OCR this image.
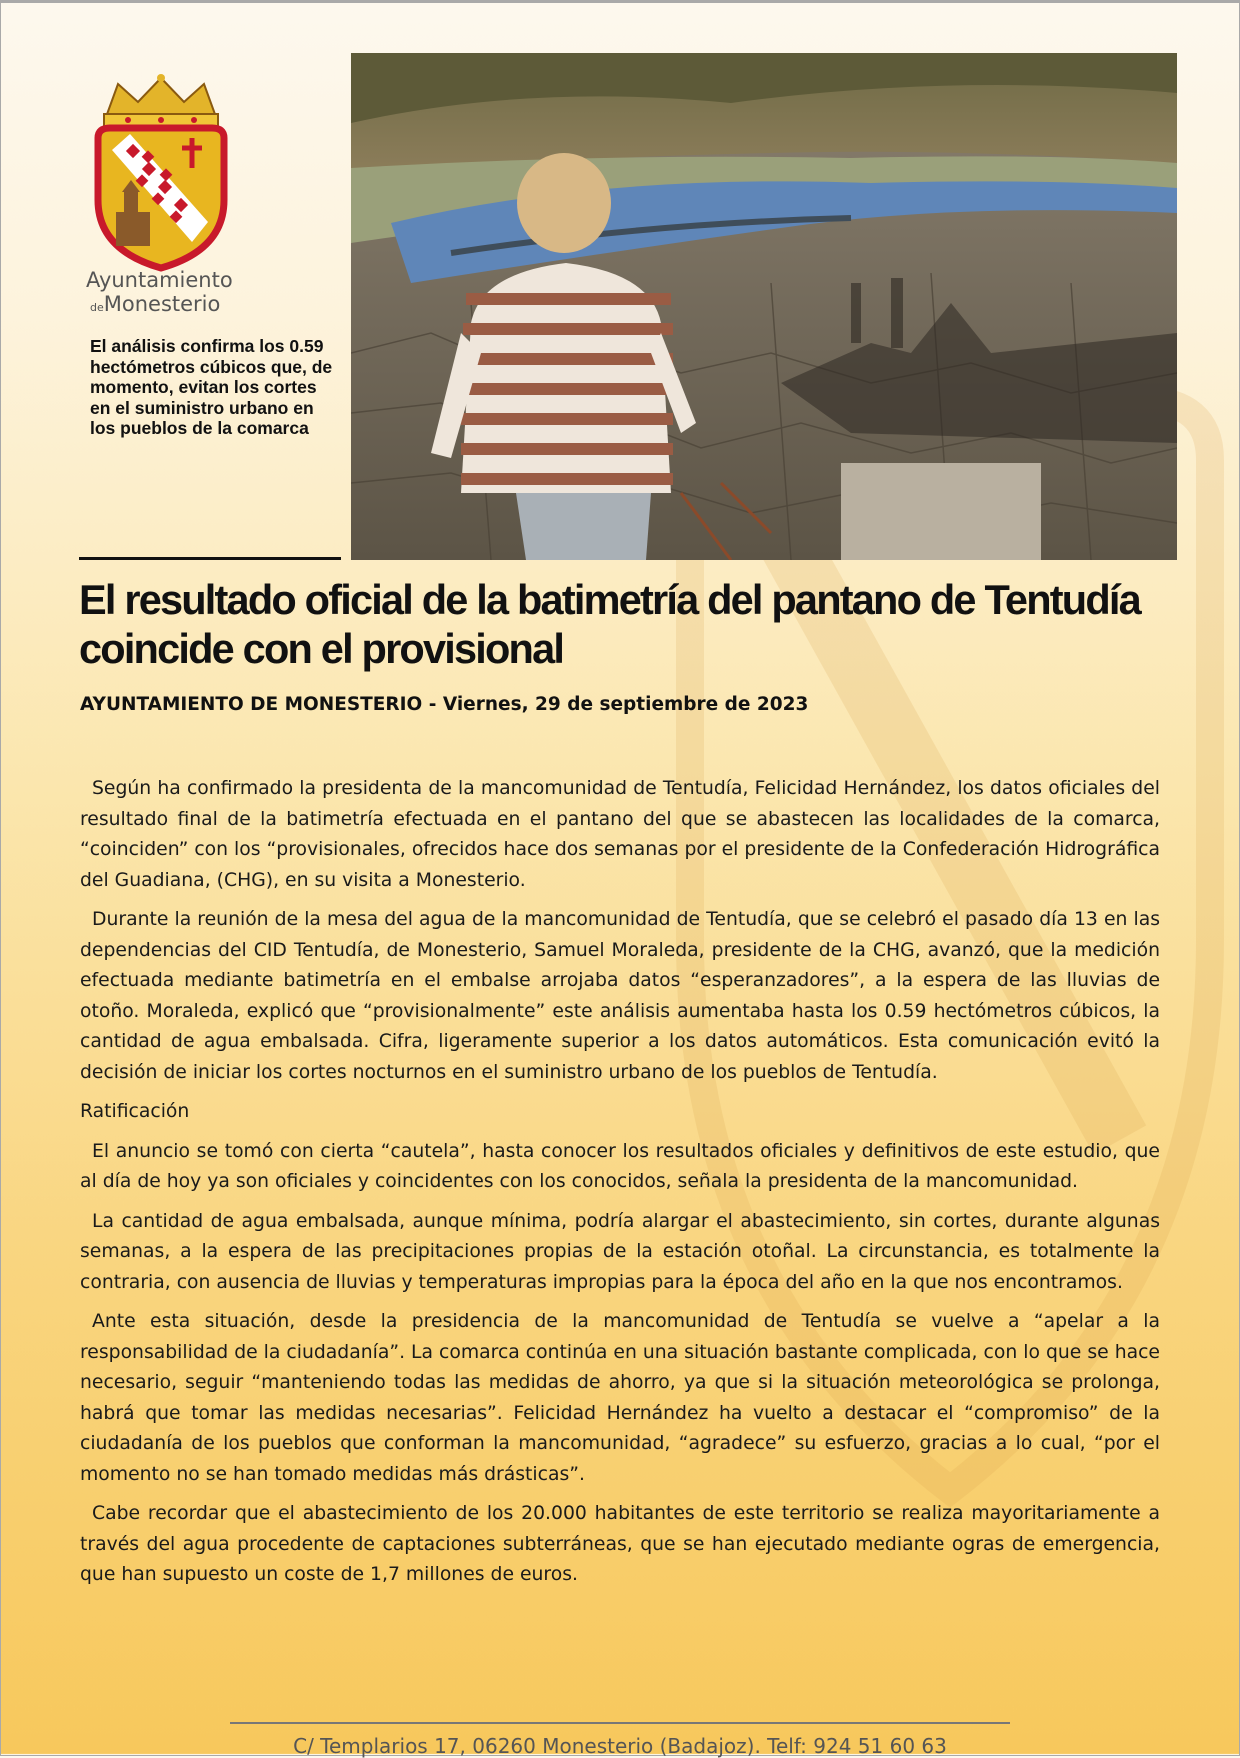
Ayuntamiento
deMonesterio

El análisis confirma los 0.59 hectómetros cúbicos que, de momento, evitan los cortes en el suministro urbano en los pueblos de la comarca

El resultado oficial de la batimetría del pantano de Tentudía coincide con el provisional

AYUNTAMIENTO DE MONESTERIO - Viernes, 29 de septiembre de 2023

Según ha confirmado la presidenta de la mancomunidad de Tentudía, Felicidad Hernández, los datos oficiales del resultado final de la batimetría efectuada en el pantano del que se abastecen las localidades de la comarca, “coinciden” con los “provisionales, ofrecidos hace dos semanas por el presidente de la Confederación Hidrográfica del Guadiana, (CHG), en su visita a Monesterio.

Durante la reunión de la mesa del agua de la mancomunidad de Tentudía, que se celebró el pasado día 13 en las dependencias del CID Tentudía, de Monesterio, Samuel Moraleda, presidente de la CHG, avanzó, que la medición efectuada mediante batimetría en el embalse arrojaba datos “esperanzadores”, a la espera de las lluvias de otoño. Moraleda, explicó que “provisionalmente” este análisis aumentaba hasta los 0.59 hectómetros cúbicos, la cantidad de agua embalsada. Cifra, ligeramente superior a los datos automáticos. Esta comunicación evitó la decisión de iniciar los cortes nocturnos en el suministro urbano de los pueblos de Tentudía.

Ratificación

El anuncio se tomó con cierta “cautela”, hasta conocer los resultados oficiales y definitivos de este estudio, que al día de hoy ya son oficiales y coincidentes con los conocidos, señala la presidenta de la mancomunidad.

La cantidad de agua embalsada, aunque mínima, podría alargar el abastecimiento, sin cortes, durante algunas semanas, a la espera de las precipitaciones propias de la estación otoñal. La circunstancia, es totalmente la contraria, con ausencia de lluvias y temperaturas impropias para la época del año en la que nos encontramos.

Ante esta situación, desde la presidencia de la mancomunidad de Tentudía se vuelve a “apelar a la responsabilidad de la ciudadanía”. La comarca continúa en una situación bastante complicada, con lo que se hace necesario, seguir “manteniendo todas las medidas de ahorro, ya que si la situación meteorológica se prolonga, habrá que tomar las medidas necesarias”. Felicidad Hernández ha vuelto a destacar el “compromiso” de la ciudadanía de los pueblos que conforman la mancomunidad, “agradece” su esfuerzo, gracias a lo cual, “por el momento no se han tomado medidas más drásticas”.

Cabe recordar que el abastecimiento de los 20.000 habitantes de este territorio se realiza mayoritariamente a través del agua procedente de captaciones subterráneas, que se han ejecutado mediante ogras de emergencia, que han supuesto un coste de 1,7 millones de euros.

C/ Templarios 17, 06260 Monesterio (Badajoz). Telf: 924 51 60 63
